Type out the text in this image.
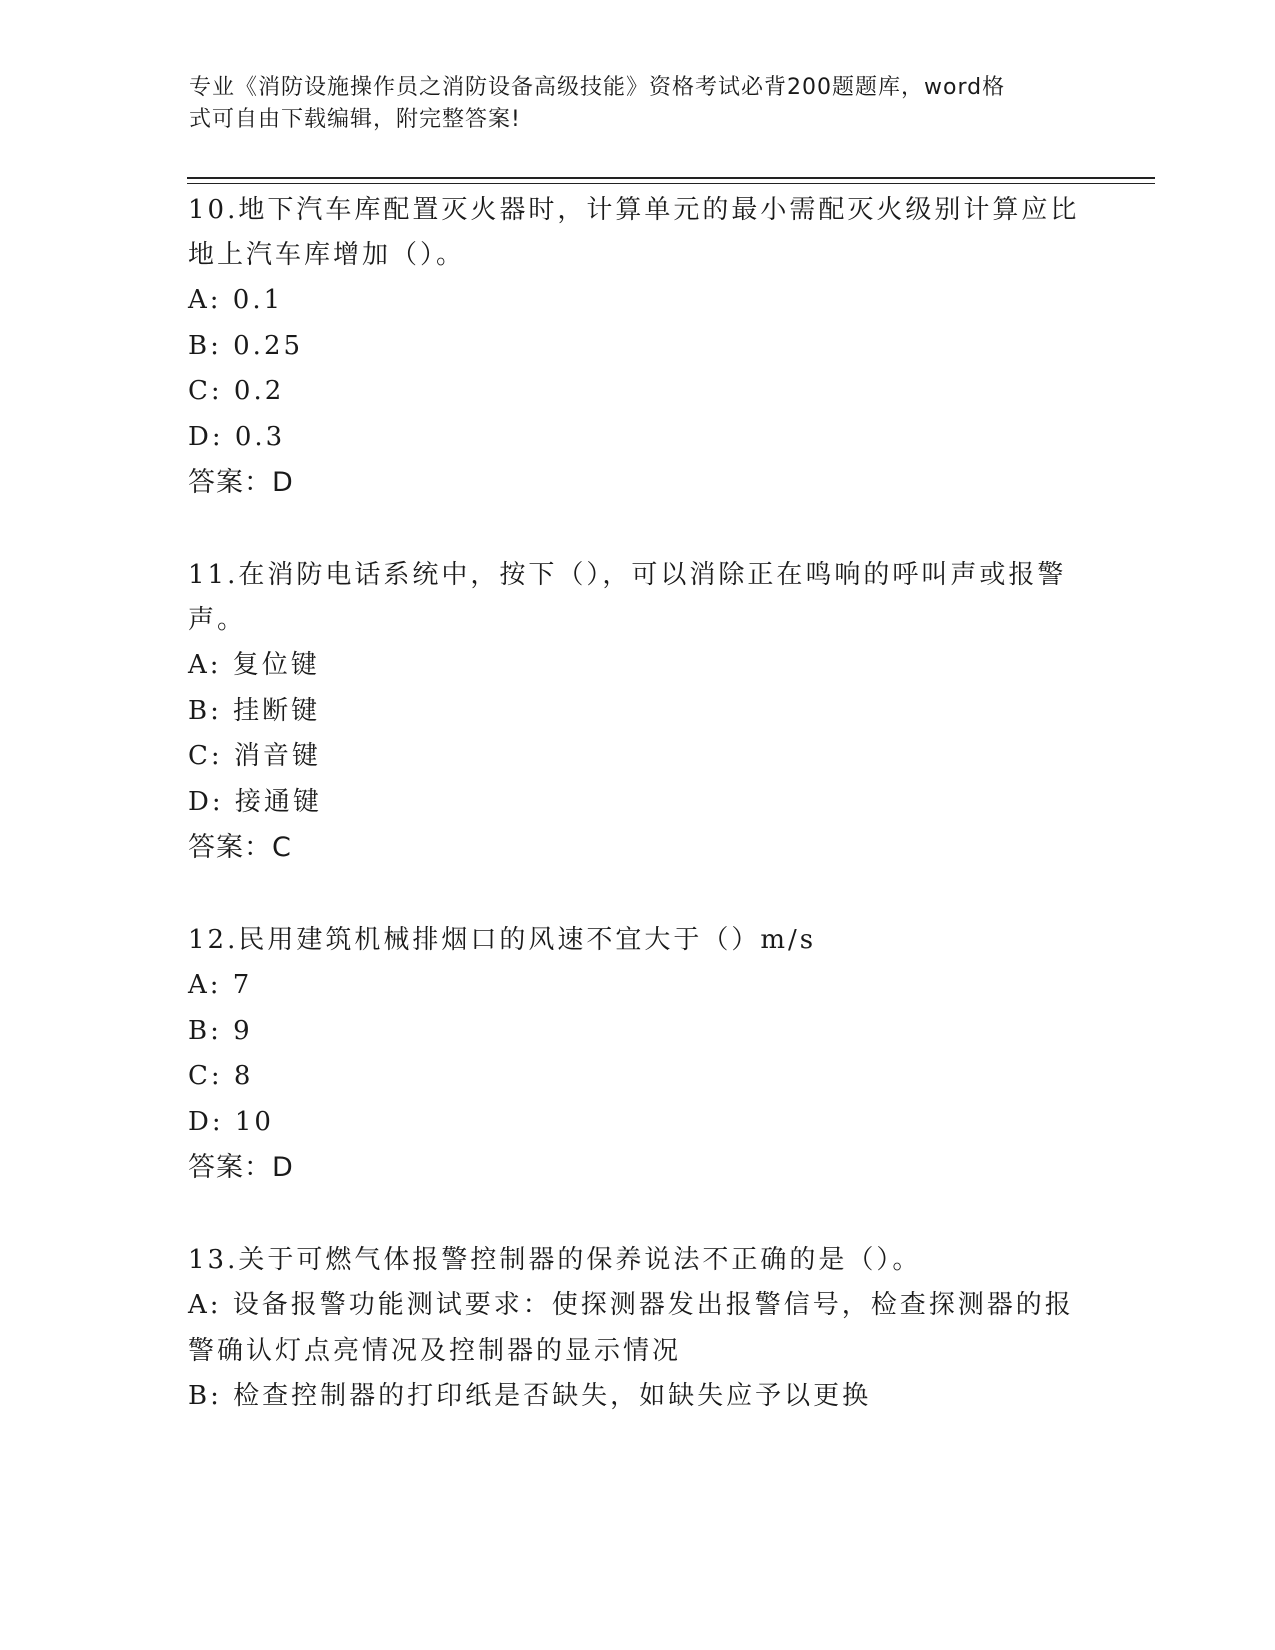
专业《消防设施操作员之消防设备高级技能》资格考试必背200题题库，word格
式可自由下载编辑，附完整答案!

10.地下汽车库配置灭火器时，计算单元的最小需配灭火级别计算应比

地上汽车库增加（）。

A: 0.1

B: 0.25

C: 0.2

D: 0.3

答案：D

11.在消防电话系统中，按下（），可以消除正在鸣响的呼叫声或报警

声。

A: 复位键

B: 挂断键

C: 消音键

D: 接通键

答案：C

12.民用建筑机械排烟口的风速不宜大于（）m/s

A: 7

B: 9

C: 8

D: 10

答案：D

13.关于可燃气体报警控制器的保养说法不正确的是（）。

A: 设备报警功能测试要求：使探测器发出报警信号，检查探测器的报

警确认灯点亮情况及控制器的显示情况

B: 检查控制器的打印纸是否缺失，如缺失应予以更换
